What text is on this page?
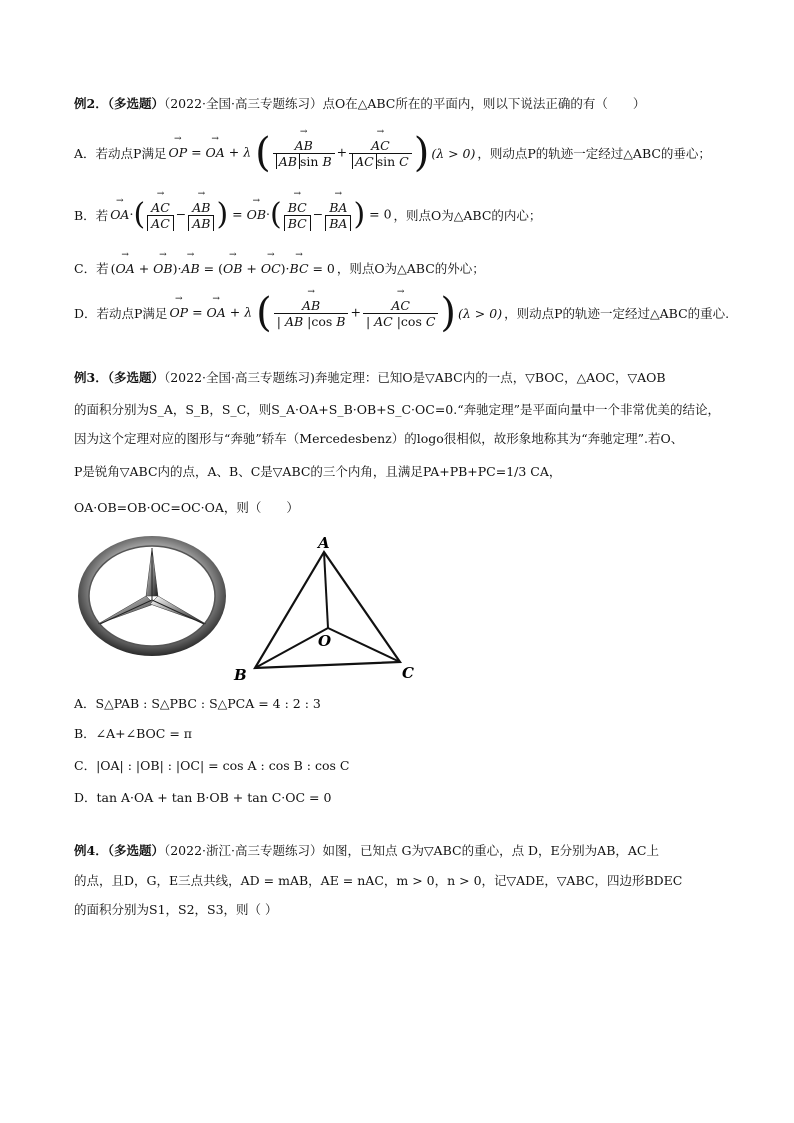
例2．（多选题）（2022·全国·高三专题练习）点O在△ABC所在的平面内，则以下说法正确的有（　　）
A．若动点P满足
→ OP = → OA + λ (
→ $\frac{AB}{\text{AB sin B}}$ +
→ $\frac{AC}{\text{AC sin C}}$ ) (λ > 0) ，则动点P的轨迹一定经过△ABC的垂心；
B．若
→ OA·(
→ $\frac{AC}{AC}$ −
→ $\frac{AB}{AB}$ ) = → OB·(
→ $\frac{BC}{BC}$ −
→ $\frac{BA}{BA}$ ) = 0 ，则点O为△ABC的内心；
C．若 (→ OA + → OB)·→ AB = (→ OB + → OC)·→ BC = 0 ，则点O为△ABC的外心；
D．若动点P满足
→ OP = → OA + λ (
→ $\frac{AB}{\text{| AB |cos B}}$ +
→ $\frac{AC}{\text{| AC |cos C}}$ ) (λ > 0) ，则动点P的轨迹一定经过△ABC的重心.
例3．（多选题）（2022·全国·高三专题练习)奔驰定理：已知O是▽ABC内的一点，▽BOC，△AOC，▽AOB
的面积分别为S_A，S_B，S_C，则S_A·OA+S_B·OB+S_C·OC=0.“奔驰定理”是平面向量中一个非常优美的结论，
因为这个定理对应的图形与“奔驰”轿车（Mercedesbenz）的logo很相似，故形象地称其为“奔驰定理”.若O、
P是锐角▽ABC内的点，A、B、C是▽ABC的三个内角，且满足PA+PB+PC=1/3 CA，
OA·OB=OB·OC=OC·OA，则（　　）
A
B	C
O
A．S△PAB : S△PBC : S△PCA = 4 : 2 : 3
B．∠A+∠BOC = π
C．|OA| : |OB| : |OC| = cos A : cos B : cos C
D．tan A·OA + tan B·OB + tan C·OC = 0
例4．（多选题）（2022·浙江·高三专题练习）如图，已知点 G为▽ABC的重心，点 D，E分别为AB，AC上
的点，且D，G，E三点共线，AD = mAB，AE = nAC，m > 0，n > 0，记▽ADE，▽ABC，四边形BDEC
的面积分别为S1，S2，S3，则（ ）
